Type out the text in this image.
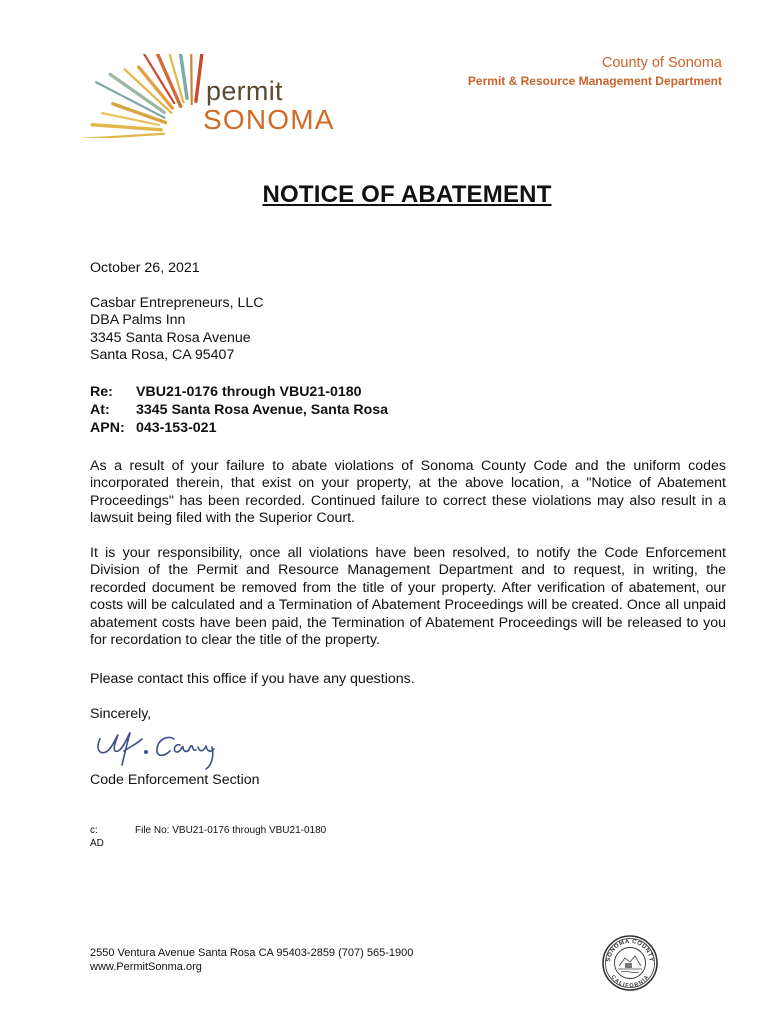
permit
SONOMA
County of Sonoma
Permit & Resource Management Department
NOTICE OF ABATEMENT
October 26, 2021
Casbar Entrepreneurs, LLC
DBA Palms Inn
3345 Santa Rosa Avenue
Santa Rosa, CA 95407
Re: VBU21-0176 through VBU21-0180
At: 3345 Santa Rosa Avenue, Santa Rosa
APN: 043-153-021
As a result of your failure to abate violations of Sonoma County Code and the uniform codes incorporated therein, that exist on your property, at the above location, a "Notice of Abatement Proceedings" has been recorded. Continued failure to correct these violations may also result in a lawsuit being filed with the Superior Court.
It is your responsibility, once all violations have been resolved, to notify the Code Enforcement Division of the Permit and Resource Management Department and to request, in writing, the recorded document be removed from the title of your property. After verification of abatement, our costs will be calculated and a Termination of Abatement Proceedings will be created. Once all unpaid abatement costs have been paid, the Termination of Abatement Proceedings will be released to you for recordation to clear the title of the property.
Please contact this office if you have any questions.
Sincerely,
Code Enforcement Section
c:	File No: VBU21-0176 through VBU21-0180
AD
2550 Ventura Avenue Santa Rosa CA 95403-2859 (707) 565-1900
www.PermitSonma.org
SONOMA COUNTY
CALIFORNIA
